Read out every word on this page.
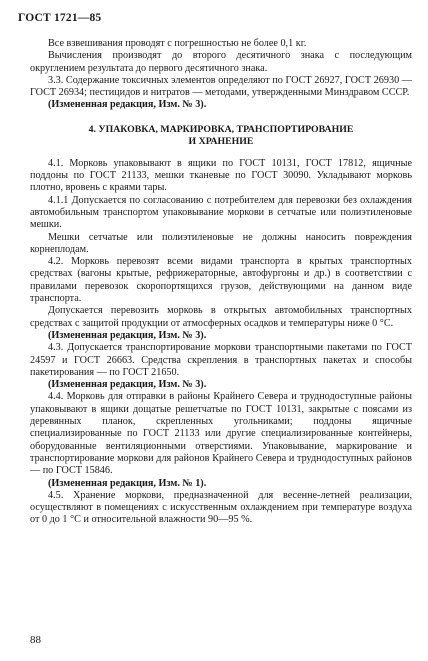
ГОСТ 1721—85

Все взвешивания проводят с погрешностью не более 0,1 кг.

Вычисления производят до второго десятичного знака с последующим округлением результата до первого десятичного знака.

3.3. Содержание токсичных элементов определяют по ГОСТ 26927, ГОСТ 26930 — ГОСТ 26934; пестицидов и нитратов — методами, утвержденными Минздравом СССР.

(Измененная редакция, Изм. № 3).

4. УПАКОВКА, МАРКИРОВКА, ТРАНСПОРТИРОВАНИЕ
И ХРАНЕНИЕ

4.1. Морковь упаковывают в ящики по ГОСТ 10131, ГОСТ 17812, ящичные поддоны по ГОСТ 21133, мешки тканевые по ГОСТ 30090. Укладывают морковь плотно, вровень с краями тары.

4.1.1 Допускается по согласованию с потребителем для перевозки без охлаждения автомобильным транспортом упаковывание моркови в сетчатые или полиэтиленовые мешки.

Мешки сетчатые или полиэтиленовые не должны наносить повреждения корнеплодам.

4.2. Морковь перевозят всеми видами транспорта в крытых транспортных средствах (вагоны крытые, рефрижераторные, автофургоны и др.) в соответствии с правилами перевозок скоропортящихся грузов, действующими на данном виде транспорта.

Допускается перевозить морковь в открытых автомобильных транспортных средствах с защитой продукции от атмосферных осадков и температуры ниже 0 °С.

(Измененная редакция, Изм. № 3).

4.3. Допускается транспортирование моркови транспортными пакетами по ГОСТ 24597 и ГОСТ 26663. Средства скрепления в транспортных пакетах и способы пакетирования — по ГОСТ 21650.

(Измененная редакция, Изм. № 3).

4.4. Морковь для отправки в районы Крайнего Севера и труднодоступные районы упаковывают в ящики дощатые решетчатые по ГОСТ 10131, закрытые с поясами из деревянных планок, скрепленных угольниками; поддоны ящичные специализированные по ГОСТ 21133 или другие специализированные контейнеры, оборудованные вентиляционными отверстиями. Упаковывание, маркирование и транспортирование моркови для районов Крайнего Севера и труднодоступных районов — по ГОСТ 15846.

(Измененная редакция, Изм. № 1).

4.5. Хранение моркови, предназначенной для весенне-летней реализации, осуществляют в помещениях с искусственным охлаждением при температуре воздуха от 0 до 1 °С и относительной влажности 90—95 %.

88
